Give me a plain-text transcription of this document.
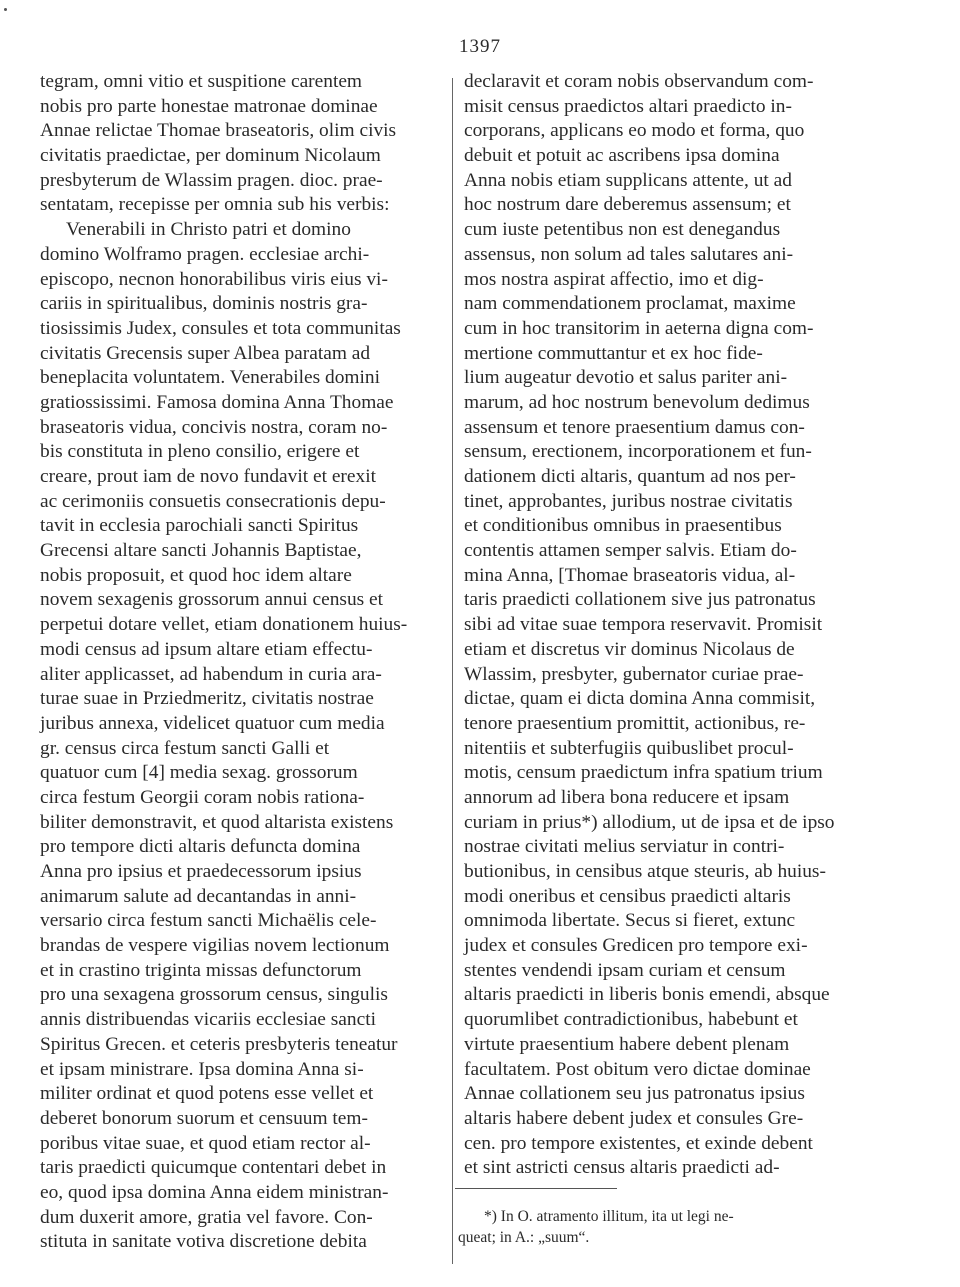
1397
tegram, omni vitio et suspitione carentem
nobis pro parte honestae matronae dominae
Annae relictae Thomae braseatoris, olim civis
civitatis praedictae, per dominum Nicolaum
presbyterum de Wlassim pragen. dioc. prae-
sentatam, recepisse per omnia sub his verbis:
Venerabili in Christo patri et domino
domino Wolframo pragen. ecclesiae archi-
episcopo, necnon honorabilibus viris eius vi-
cariis in spiritualibus, dominis nostris gra-
tiosissimis Judex, consules et tota communitas
civitatis Grecensis super Albea paratam ad
beneplacita voluntatem. Venerabiles domini
gratiossissimi. Famosa domina Anna Thomae
braseatoris vidua, concivis nostra, coram no-
bis constituta in pleno consilio, erigere et
creare, prout iam de novo fundavit et erexit
ac cerimoniis consuetis consecrationis depu-
tavit in ecclesia parochiali sancti Spiritus
Grecensi altare sancti Johannis Baptistae,
nobis proposuit, et quod hoc idem altare
novem sexagenis grossorum annui census et
perpetui dotare vellet, etiam donationem huius-
modi census ad ipsum altare etiam effectu-
aliter applicasset, ad habendum in curia ara-
turae suae in Prziedmeritz, civitatis nostrae
juribus annexa, videlicet quatuor cum media
gr. census circa festum sancti Galli et
quatuor cum [4] media sexag. grossorum
circa festum Georgii coram nobis rationa-
biliter demonstravit, et quod altarista existens
pro tempore dicti altaris defuncta domina
Anna pro ipsius et praedecessorum ipsius
animarum salute ad decantandas in anni-
versario circa festum sancti Michaëlis cele-
brandas de vespere vigilias novem lectionum
et in crastino triginta missas defunctorum
pro una sexagena grossorum census, singulis
annis distribuendas vicariis ecclesiae sancti
Spiritus Grecen. et ceteris presbyteris teneatur
et ipsam ministrare. Ipsa domina Anna si-
militer ordinat et quod potens esse vellet et
deberet bonorum suorum et censuum tem-
poribus vitae suae, et quod etiam rector al-
taris praedicti quicumque contentari debet in
eo, quod ipsa domina Anna eidem ministran-
dum duxerit amore, gratia vel favore. Con-
stituta in sanitate votiva discretione debita
declaravit et coram nobis observandum com-
misit census praedictos altari praedicto in-
corporans, applicans eo modo et forma, quo
debuit et potuit ac ascribens ipsa domina
Anna nobis etiam supplicans attente, ut ad
hoc nostrum dare deberemus assensum; et
cum iuste petentibus non est denegandus
assensus, non solum ad tales salutares ani-
mos nostra aspirat affectio, imo et dig-
nam commendationem proclamat, maxime
cum in hoc transitorim in aeterna digna com-
mertione commuttantur et ex hoc fide-
lium augeatur devotio et salus pariter ani-
marum, ad hoc nostrum benevolum dedimus
assensum et tenore praesentium damus con-
sensum, erectionem, incorporationem et fun-
dationem dicti altaris, quantum ad nos per-
tinet, approbantes, juribus nostrae civitatis
et conditionibus omnibus in praesentibus
contentis attamen semper salvis. Etiam do-
mina Anna, [Thomae braseatoris vidua, al-
taris praedicti collationem sive jus patronatus
sibi ad vitae suae tempora reservavit. Promisit
etiam et discretus vir dominus Nicolaus de
Wlassim, presbyter, gubernator curiae prae-
dictae, quam ei dicta domina Anna commisit,
tenore praesentium promittit, actionibus, re-
nitentiis et subterfugiis quibuslibet procul-
motis, censum praedictum infra spatium trium
annorum ad libera bona reducere et ipsam
curiam in prius*) allodium, ut de ipsa et de ipso
nostrae civitati melius serviatur in contri-
butionibus, in censibus atque steuris, ab huius-
modi oneribus et censibus praedicti altaris
omnimoda libertate. Secus si fieret, extunc
judex et consules Gredicen pro tempore exi-
stentes vendendi ipsam curiam et censum
altaris praedicti in liberis bonis emendi, absque
quorumlibet contradictionibus, habebunt et
virtute praesentium habere debent plenam
facultatem. Post obitum vero dictae dominae
Annae collationem seu jus patronatus ipsius
altaris habere debent judex et consules Gre-
cen. pro tempore existentes, et exinde debent
et sint astricti census altaris praedicti ad-
*) In O. atramento illitum, ita ut legi ne-
queat; in A.: „suum“.
